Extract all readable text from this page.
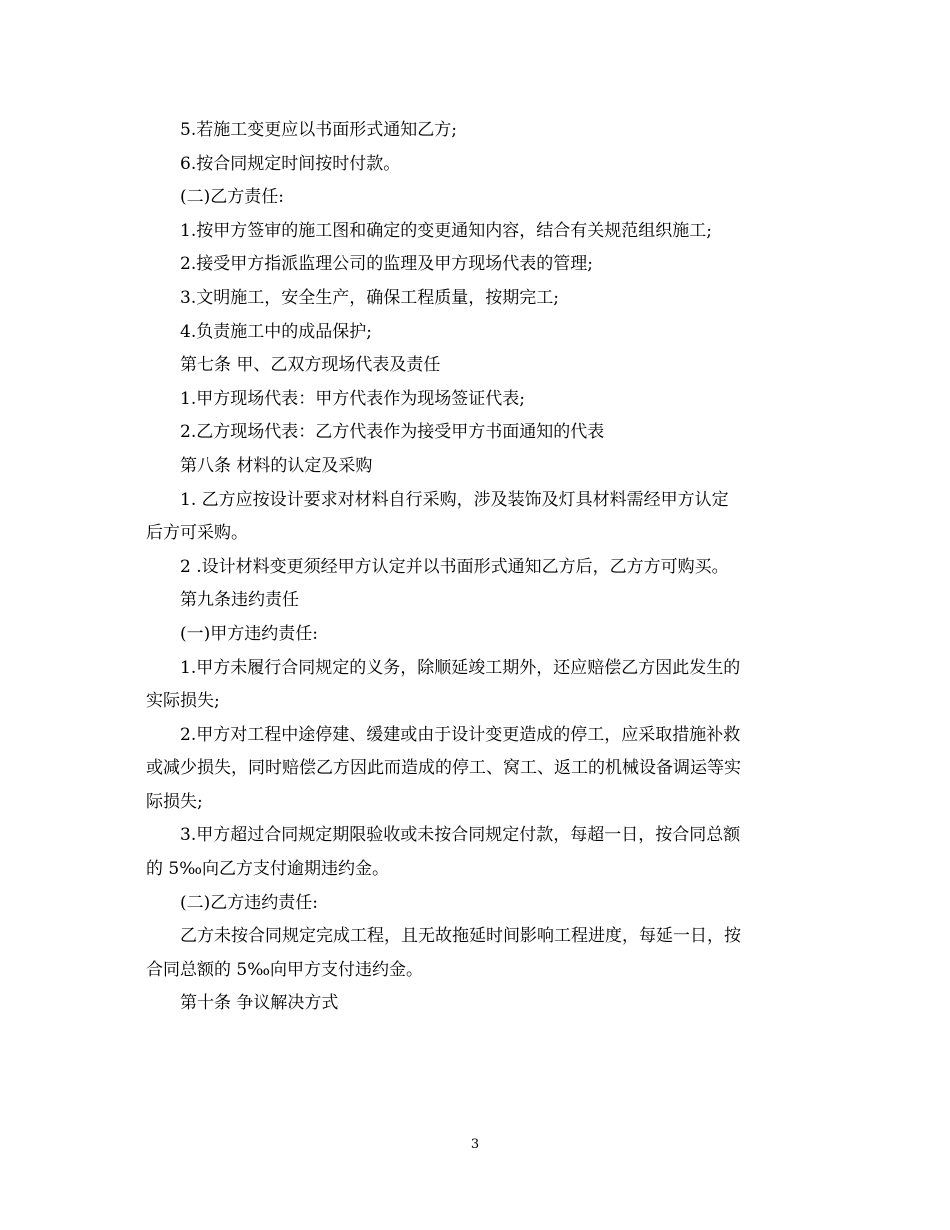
5.若施工变更应以书面形式通知乙方;

6.按合同规定时间按时付款。

(二)乙方责任:

1.按甲方签审的施工图和确定的变更通知内容，结合有关规范组织施工;

2.接受甲方指派监理公司的监理及甲方现场代表的管理;

3.文明施工，安全生产，确保工程质量，按期完工;

4.负责施工中的成品保护;

第七条 甲、乙双方现场代表及责任

1.甲方现场代表：甲方代表作为现场签证代表;

2.乙方现场代表：乙方代表作为接受甲方书面通知的代表

第八条 材料的认定及采购

1. 乙方应按设计要求对材料自行采购，涉及装饰及灯具材料需经甲方认定

后方可采购。

2 .设计材料变更须经甲方认定并以书面形式通知乙方后，乙方方可购买。

第九条违约责任

(一)甲方违约责任:

1.甲方未履行合同规定的义务，除顺延竣工期外，还应赔偿乙方因此发生的

实际损失;

2.甲方对工程中途停建、缓建或由于设计变更造成的停工，应采取措施补救

或减少损失，同时赔偿乙方因此而造成的停工、窝工、返工的机械设备调运等实

际损失;

3.甲方超过合同规定期限验收或未按合同规定付款，每超一日，按合同总额

的 5‰向乙方支付逾期违约金。

(二)乙方违约责任:

乙方未按合同规定完成工程，且无故拖延时间影响工程进度，每延一日，按

合同总额的 5‰向甲方支付违约金。

第十条 争议解决方式

3
